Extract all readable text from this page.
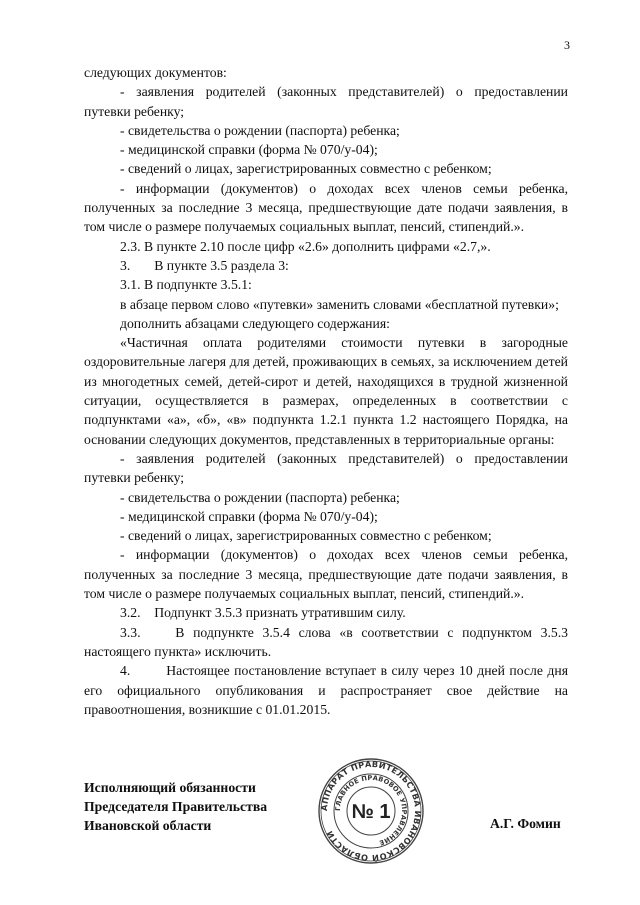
3

следующих документов:

- заявления родителей (законных представителей) о предоставлении путевки ребенку;

- свидетельства о рождении (паспорта) ребенка;

- медицинской справки (форма № 070/у-04);

- сведений о лицах, зарегистрированных совместно с ребенком;

- информации (документов) о доходах всех членов семьи ребенка, полученных за последние 3 месяца, предшествующие дате подачи заявления, в том числе о размере получаемых социальных выплат, пенсий, стипендий.».

2.3. В пункте 2.10 после цифр «2.6» дополнить цифрами «2.7,».

3.       В пункте 3.5 раздела 3:

3.1. В подпункте 3.5.1:

в абзаце первом слово «путевки» заменить словами «бесплатной путевки»;

дополнить абзацами следующего содержания:

«Частичная оплата родителями стоимости путевки в загородные оздоровительные лагеря для детей, проживающих в семьях, за исключением детей из многодетных семей, детей-сирот и детей, находящихся в трудной жизненной ситуации, осуществляется в размерах, определенных в соответствии с подпунктами «а», «б», «в» подпункта 1.2.1 пункта 1.2 настоящего Порядка, на основании следующих документов, представленных в территориальные органы:

- заявления родителей (законных представителей) о предоставлении путевки ребенку;

- свидетельства о рождении (паспорта) ребенка;

- медицинской справки (форма № 070/у-04);

- сведений о лицах, зарегистрированных совместно с ребенком;

- информации (документов) о доходах всех членов семьи ребенка, полученных за последние 3 месяца, предшествующие дате подачи заявления, в том числе о размере получаемых социальных выплат, пенсий, стипендий.».

3.2.    Подпункт 3.5.3 признать утратившим силу.

3.3.    В подпункте 3.5.4 слова «в соответствии с подпунктом 3.5.3 настоящего пункта» исключить.

4.        Настоящее постановление вступает в силу через 10 дней после дня его официального опубликования и распространяет свое действие на правоотношения, возникшие с 01.01.2015.

Исполняющий обязанности
Председателя Правительства
Ивановской области
АППАРАТ ПРАВИТЕЛЬСТВА ИВАНОВСКОЙ ОБЛАСТИ
ГЛАВНОЕ ПРАВОВОЕ УПРАВЛЕНИЕ
№ 1
А.Г. Фомин
